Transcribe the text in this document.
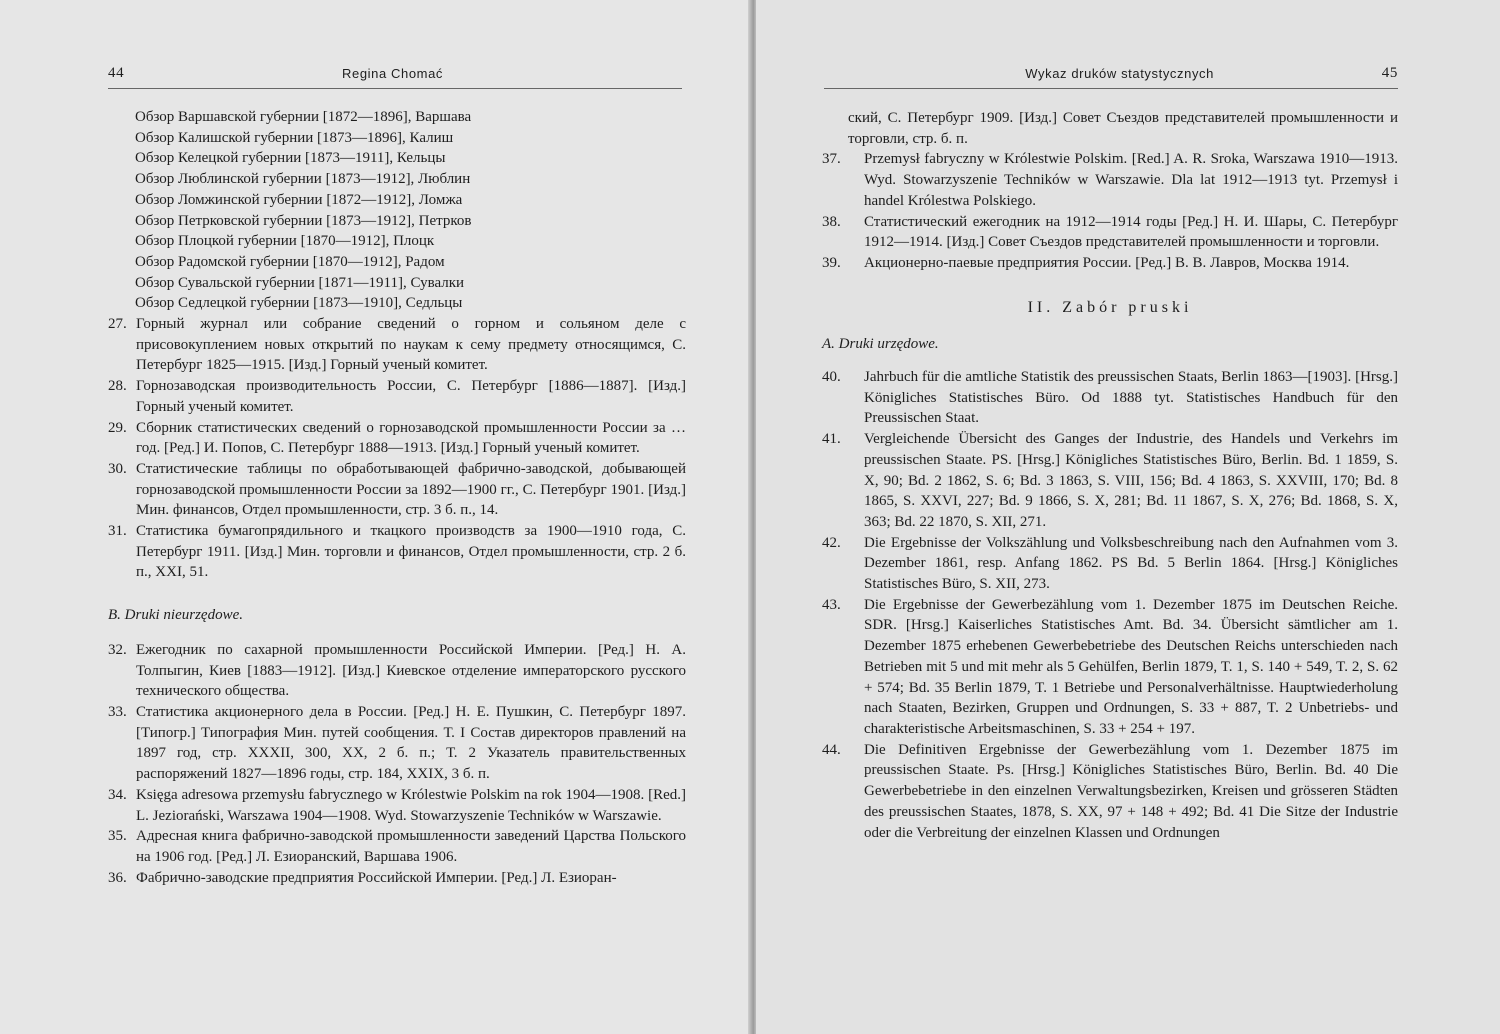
44	Regina Chomać
Обзор Варшавской губернии [1872—1896], Варшава
Обзор Калишской губернии [1873—1896], Калиш
Обзор Келецкой губернии [1873—1911], Кельцы
Обзор Люблинской губернии [1873—1912], Люблин
Обзор Ломжинской губернии [1872—1912], Ломжа
Обзор Петрковской губернии [1873—1912], Петрков
Обзор Плоцкой губернии [1870—1912], Плоцк
Обзор Радомской губернии [1870—1912], Радом
Обзор Сувальской губернии [1871—1911], Сувалки
Обзор Седлецкой губернии [1873—1910], Седльцы
27. Горный журнал или собрание сведений о горном и сольяном деле с присовокуплением новых открытий по наукам к сему предмету относящимся, С. Петербург 1825—1915. [Изд.] Горный ученый комитет.
28. Горнозаводская производительность России, С. Петербург [1886—1887]. [Изд.] Горный ученый комитет.
29. Сборник статистических сведений о горнозаводской промышленности России за … год. [Ред.] И. Попов, С. Петербург 1888—1913. [Изд.] Горный ученый комитет.
30. Статистические таблицы по обработывающей фабрично-заводской, добывающей горнозаводской промышленности России за 1892—1900 гг., С. Петербург 1901. [Изд.] Мин. финансов, Отдел промышленности, стр. 3 б. п., 14.
31. Статистика бумагопрядильного и ткацкого производств за 1900—1910 года, С. Петербург 1911. [Изд.] Мин. торговли и финансов, Отдел промышленности, стр. 2 б. п., XXI, 51.
B. Druki nieurzędowe.
32. Ежегодник по сахарной промышленности Российской Империи. [Ред.] Н. А. Толпыгин, Киев [1883—1912]. [Изд.] Киевское отделение императорского русского технического общества.
33. Статистика акционерного дела в России. [Ред.] Н. Е. Пушкин, С. Петербург 1897. [Типогр.] Типография Мин. путей сообщения. Т. I Состав директоров правлений на 1897 год, стр. XXXII, 300, XX, 2 б. п.; Т. 2 Указатель правительственных распоряжений 1827—1896 годы, стр. 184, XXIX, 3 б. п.
34. Księga adresowa przemysłu fabrycznego w Królestwie Polskim na rok 1904—1908. [Red.] L. Jeziorański, Warszawa 1904—1908. Wyd. Stowarzyszenie Techników w Warszawie.
35. Адресная книга фабрично-заводской промышленности заведений Царства Польского на 1906 год. [Ред.] Л. Езиоранский, Варшава 1906.
36. Фабрично-заводские предприятия Российской Империи. [Ред.] Л. Езиоран-
Wykaz druków statystycznych	45
ский, С. Петербург 1909. [Изд.] Совет Съездов представителей промышленности и торговли, стр. б. п.
37. Przemysł fabryczny w Królestwie Polskim. [Red.] A. R. Sroka, Warszawa 1910—1913. Wyd. Stowarzyszenie Techników w Warszawie. Dla lat 1912—1913 tyt. Przemysł i handel Królestwa Polskiego.
38. Статистический ежегодник на 1912—1914 годы [Ред.] Н. И. Шары, С. Петербург 1912—1914. [Изд.] Совет Съездов представителей промышленности и торговли.
39. Акционерно-паевые предприятия России. [Ред.] В. В. Лавров, Москва 1914.
II. Zabór pruski
A. Druki urzędowe.
40. Jahrbuch für die amtliche Statistik des preussischen Staats, Berlin 1863—[1903]. [Hrsg.] Königliches Statistisches Büro. Od 1888 tyt. Statistisches Handbuch für den Preussischen Staat.
41. Vergleichende Übersicht des Ganges der Industrie, des Handels und Verkehrs im preussischen Staate. PS. [Hrsg.] Königliches Statistisches Büro, Berlin. Bd. 1 1859, S. X, 90; Bd. 2 1862, S. 6; Bd. 3 1863, S. VIII, 156; Bd. 4 1863, S. XXVIII, 170; Bd. 8 1865, S. XXVI, 227; Bd. 9 1866, S. X, 281; Bd. 11 1867, S. X, 276; Bd. 1868, S. X, 363; Bd. 22 1870, S. XII, 271.
42. Die Ergebnisse der Volkszählung und Volksbeschreibung nach den Aufnahmen vom 3. Dezember 1861, resp. Anfang 1862. PS Bd. 5 Berlin 1864. [Hrsg.] Königliches Statistisches Büro, S. XII, 273.
43. Die Ergebnisse der Gewerbezählung vom 1. Dezember 1875 im Deutschen Reiche. SDR. [Hrsg.] Kaiserliches Statistisches Amt. Bd. 34. Übersicht sämtlicher am 1. Dezember 1875 erhebenen Gewerbebetriebe des Deutschen Reichs unterschieden nach Betrieben mit 5 und mit mehr als 5 Gehülfen, Berlin 1879, T. 1, S. 140 + 549, T. 2, S. 62 + 574; Bd. 35 Berlin 1879, T. 1 Betriebe und Personalverhältnisse. Hauptwiederholung nach Staaten, Bezirken, Gruppen und Ordnungen, S. 33 + 887, T. 2 Unbetriebs- und charakteristische Arbeitsmaschinen, S. 33 + 254 + 197.
44. Die Definitiven Ergebnisse der Gewerbezählung vom 1. Dezember 1875 im preussischen Staate. Ps. [Hrsg.] Königliches Statistisches Büro, Berlin. Bd. 40 Die Gewerbebetriebe in den einzelnen Verwaltungsbezirken, Kreisen und grösseren Städten des preussischen Staates, 1878, S. XX, 97 + 148 + 492; Bd. 41 Die Sitze der Industrie oder die Verbreitung der einzelnen Klassen und Ordnungen
